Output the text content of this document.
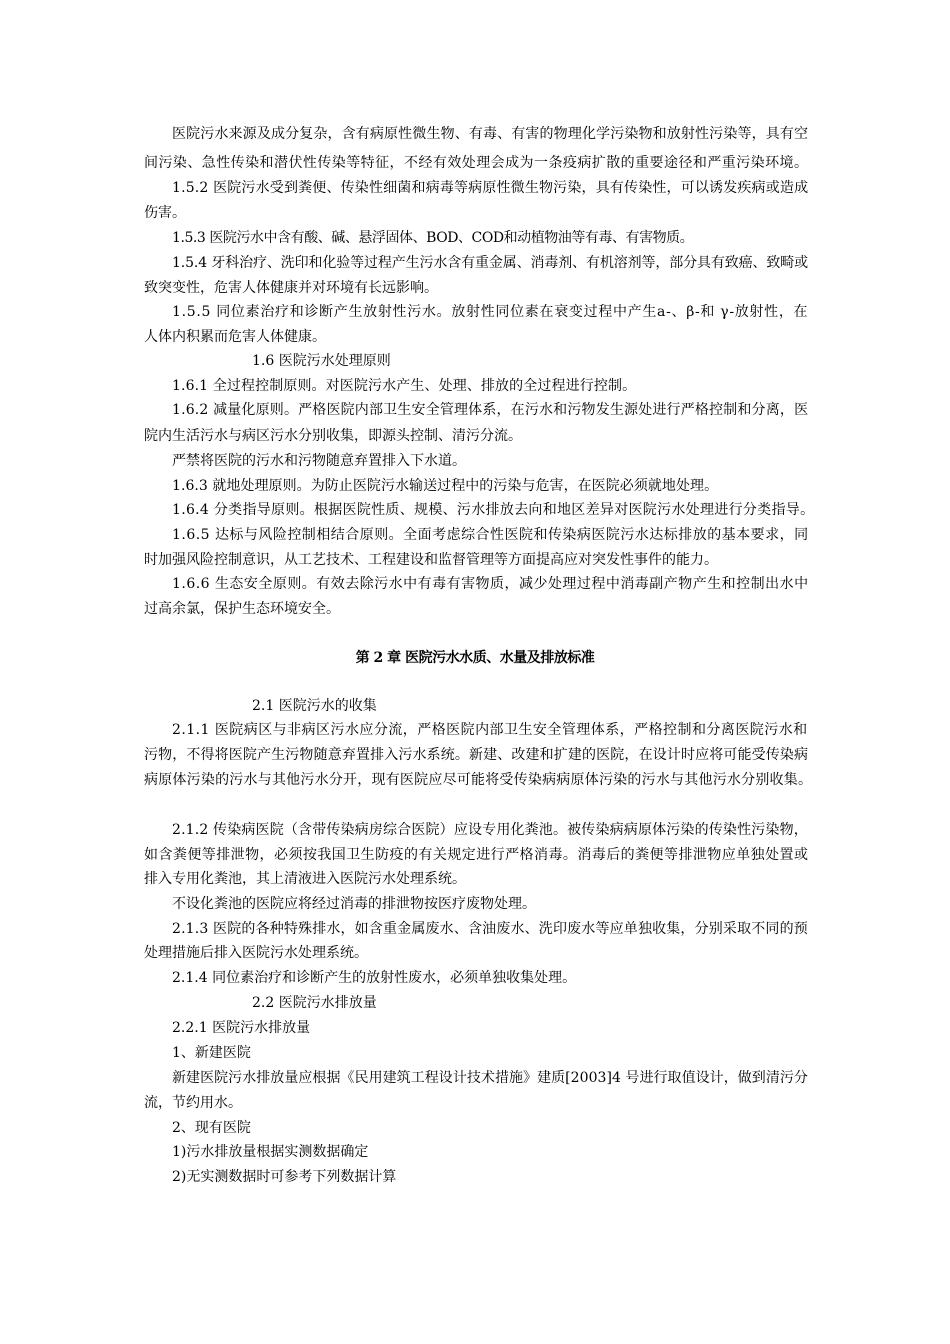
医院污水来源及成分复杂，含有病原性微生物、有毒、有害的物理化学污染物和放射性污染等，具有空
间污染、急性传染和潜伏性传染等特征，不经有效处理会成为一条疫病扩散的重要途径和严重污染环境。
1.5.2 医院污水受到粪便、传染性细菌和病毒等病原性微生物污染，具有传染性，可以诱发疾病或造成
伤害。
1.5.3 医院污水中含有酸、碱、悬浮固体、BOD、COD和动植物油等有毒、有害物质。
1.5.4 牙科治疗、洗印和化验等过程产生污水含有重金属、消毒剂、有机溶剂等，部分具有致癌、致畸或
致突变性，危害人体健康并对环境有长远影响。
1.5.5 同位素治疗和诊断产生放射性污水。放射性同位素在衰变过程中产生a-、β-和 γ-放射性，在
人体内积累而危害人体健康。
1.6 医院污水处理原则
1.6.1 全过程控制原则。对医院污水产生、处理、排放的全过程进行控制。
1.6.2 减量化原则。严格医院内部卫生安全管理体系，在污水和污物发生源处进行严格控制和分离，医
院内生活污水与病区污水分别收集，即源头控制、清污分流。
严禁将医院的污水和污物随意弃置排入下水道。
1.6.3 就地处理原则。为防止医院污水输送过程中的污染与危害，在医院必须就地处理。
1.6.4 分类指导原则。根据医院性质、规模、污水排放去向和地区差异对医院污水处理进行分类指导。
1.6.5 达标与风险控制相结合原则。全面考虑综合性医院和传染病医院污水达标排放的基本要求，同
时加强风险控制意识，从工艺技术、工程建设和监督管理等方面提高应对突发性事件的能力。
1.6.6 生态安全原则。有效去除污水中有毒有害物质，减少处理过程中消毒副产物产生和控制出水中
过高余氯，保护生态环境安全。
第 2 章 医院污水水质、水量及排放标准
2.1 医院污水的收集
2.1.1 医院病区与非病区污水应分流，严格医院内部卫生安全管理体系，严格控制和分离医院污水和
污物，不得将医院产生污物随意弃置排入污水系统。新建、改建和扩建的医院，在设计时应将可能受传染病
病原体污染的污水与其他污水分开，现有医院应尽可能将受传染病病原体污染的污水与其他污水分别收集。
2.1.2 传染病医院（含带传染病房综合医院）应设专用化粪池。被传染病病原体污染的传染性污染物，
如含粪便等排泄物，必须按我国卫生防疫的有关规定进行严格消毒。消毒后的粪便等排泄物应单独处置或
排入专用化粪池，其上清液进入医院污水处理系统。
不设化粪池的医院应将经过消毒的排泄物按医疗废物处理。
2.1.3 医院的各种特殊排水，如含重金属废水、含油废水、洗印废水等应单独收集，分别采取不同的预
处理措施后排入医院污水处理系统。
2.1.4 同位素治疗和诊断产生的放射性废水，必须单独收集处理。
2.2 医院污水排放量
2.2.1 医院污水排放量
1、新建医院
新建医院污水排放量应根据《民用建筑工程设计技术措施》建质[2003]4 号进行取值设计，做到清污分
流，节约用水。
2、现有医院
1)污水排放量根据实测数据确定
2)无实测数据时可参考下列数据计算
